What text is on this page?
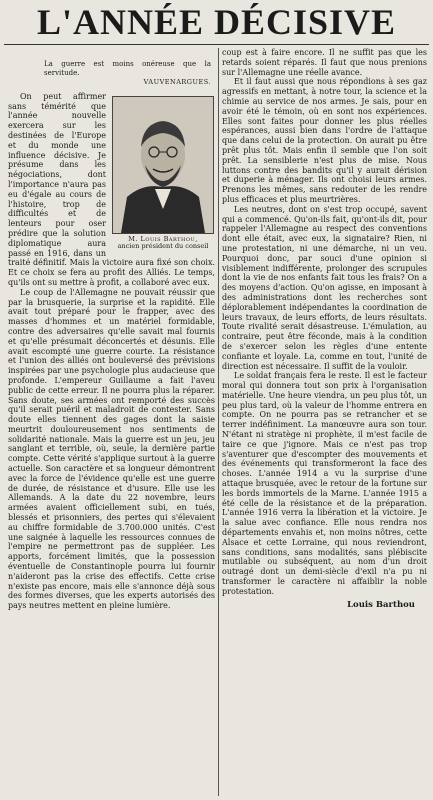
L'ANNÉE DÉCISIVE
La guerre est moins onéreuse que la servitude.
VAUVENARGUES.
M. Louis Barthou,
ancien président du conseil

On peut affirmer sans témérité que l'année nouvelle exercera sur les destinées de l'Europe et du monde une influence décisive. Je présume dans les négociations, dont l'importance n'aura pas eu d'égale au cours de l'histoire, trop de difficultés et de lenteurs pour oser prédire que la solution diplomatique aura passé en 1916, dans un traité définitif. Mais la victoire aura fixé son choix. Et ce choix se fera au profit des Alliés. Le temps, qu'ils ont su mettre à profit, a collaboré avec eux.

Le coup de l'Allemagne ne pouvait réussir que par la brusquerie, la surprise et la rapidité. Elle avait tout préparé pour le frapper, avec des masses d'hommes et un matériel formidable, contre des adversaires qu'elle savait mal fournis et qu'elle présumait déconcertés et désunis. Elle avait escompté une guerre courte. La résistance et l'union des alliés ont bouleversé des prévisions inspirées par une psychologie plus audacieuse que profonde. L'empereur Guillaume a fait l'aveu public de cette erreur. Il ne pourra plus la réparer. Sans doute, ses armées ont remporté des succès qu'il serait puéril et maladroit de contester. Sans doute elles tiennent des gages dont la saisie meurtrit douloureusement nos sentiments de solidarité nationale. Mais la guerre est un jeu, jeu sanglant et terrible, où, seule, la dernière partie compte. Cette vérité s'applique surtout à la guerre actuelle. Son caractère et sa longueur démontrent avec la force de l'évidence qu'elle est une guerre de durée, de résistance et d'usure. Elle use les Allemands. A la date du 22 novembre, leurs armées avaient officiellement subi, en tués, blessés et prisonniers, des pertes qui s'élevaient au chiffre formidable de 3.700.000 unités. C'est une saignée à laquelle les ressources connues de l'empire ne permettront pas de suppléer. Les apports, forcément limités, que la possession éventuelle de Constantinople pourra lui fournir n'aideront pas la crise des effectifs. Cette crise n'existe pas encore, mais elle s'annonce déjà sous des formes diverses, que les experts autorisés des pays neutres mettent en pleine lumière.

coup est à faire encore. Il ne suffit pas que les retards soient réparés. Il faut que nous prenions sur l'Allemagne une réelle avance.

Et il faut aussi que nous répondions à ses gaz agressifs en mettant, à notre tour, la science et la chimie au service de nos armes. Je sais, pour en avoir été le témoin, où en sont nos expériences. Elles sont faites pour donner les plus réelles espérances, aussi bien dans l'ordre de l'attaque que dans celui de la protection. On aurait pu être prêt plus tôt. Mais enfin il semble que l'on soit prêt. La sensiblerie n'est plus de mise. Nous luttons contre des bandits qu'il y aurait dérision et duperie à ménager. Ils ont choisi leurs armes. Prenons les mêmes, sans redouter de les rendre plus efficaces et plus meurtrières.

Les neutres, dont on s'est trop occupé, savent qui a commencé. Qu'on-ils fait, qu'ont-ils dit, pour rappeler l'Allemagne au respect des conventions dont elle était, avec eux, la signataire? Rien, ni une protestation, ni une démarche, ni un veu. Pourquoi donc, par souci d'une opinion si visiblement indifférente, prolonger des scrupules dont la vie de nos enfants fait tous les frais? On a des moyens d'action. Qu'on agisse, en imposant à des administrations dont les recherches sont déplorablement indépendantes la coordination de leurs travaux, de leurs efforts, de leurs résultats. Toute rivalité serait désastreuse. L'émulation, au contraire, peut être féconde, mais à la condition de s'exercer selon les règles d'une entente confiante et loyale. La, comme en tout, l'unité de direction est nécessaire. Il suffit de la vouloir.

Le soldat français fera le reste. Il est le facteur moral qui donnera tout son prix à l'organisation matérielle. Une heure viendra, un peu plus tôt, un peu plus tard, où la valeur de l'homme entrera en compte. On ne pourra pas se retrancher et se terrer indéfiniment. La manœuvre aura son tour. N'étant ni stratège ni prophète, il m'est facile de taire ce que j'ignore. Mais ce n'est pas trop s'aventurer que d'escompter des mouvements et des événements qui transformeront la face des choses. L'année 1914 a vu la surprise d'une attaque brusquée, avec le retour de la fortune sur les bords immortels de la Marne. L'année 1915 a été celle de la résistance et de la préparation. L'année 1916 verra la libération et la victoire. Je la salue avec confiance. Elle nous rendra nos départements envahis et, non moins nôtres, cette Alsace et cette Lorraine, qui nous reviendront, sans conditions, sans modalités, sans plébiscite mutilable ou subséquent, au nom d'un droit outragé dont un demi-siècle d'exil n'a pu ni transformer le caractère ni affaiblir la noble protestation.

Louis Barthou
